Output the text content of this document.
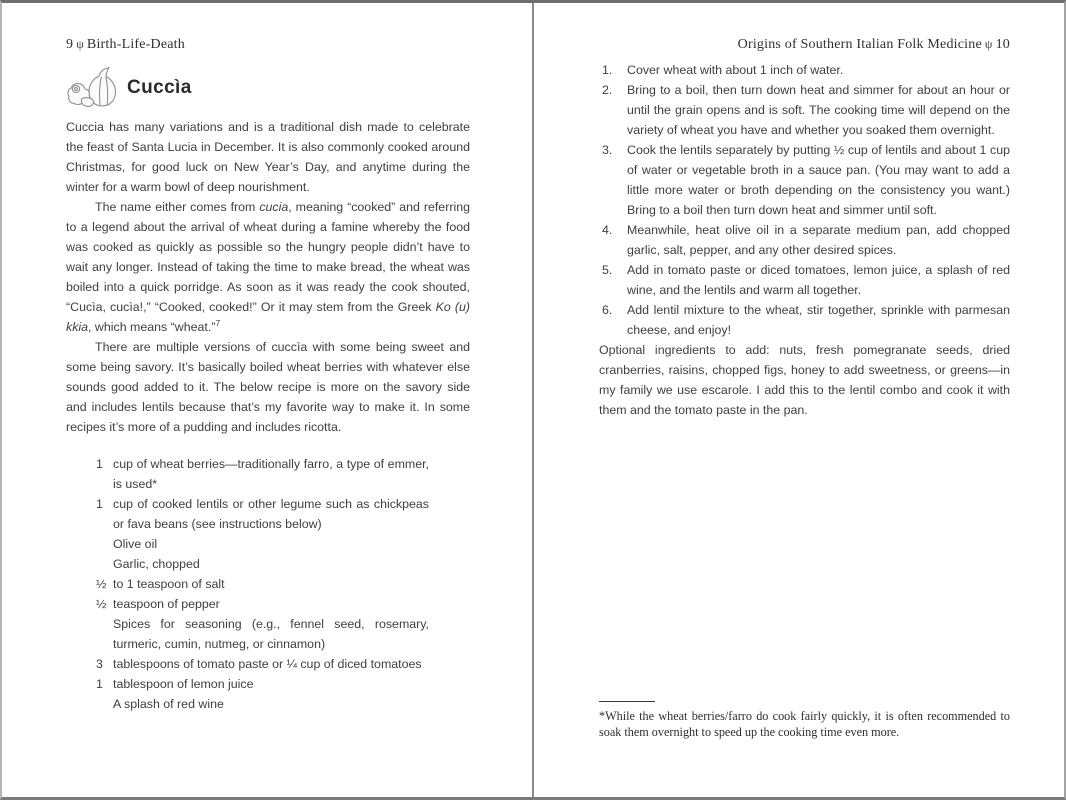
9 ψ Birth-Life-Death
Cuccìa

Cuccia has many variations and is a traditional dish made to celebrate the feast of Santa Lucia in December. It is also commonly cooked around Christmas, for good luck on New Year’s Day, and anytime during the winter for a warm bowl of deep nourishment.

The name either comes from cucia, meaning “cooked” and referring to a legend about the arrival of wheat during a famine whereby the food was cooked as quickly as possible so the hungry people didn’t have to wait any longer. Instead of taking the time to make bread, the wheat was boiled into a quick porridge. As soon as it was ready the cook shouted, “Cucìa, cucìa!,” “Cooked, cooked!” Or it may stem from the Greek Ko (u) kkia, which means “wheat.”$^7$

There are multiple versions of cuccìa with some being sweet and some being savory. It’s basically boiled wheat berries with whatever else sounds good added to it. The below recipe is more on the savory side and includes lentils because that’s my favorite way to make it. In some recipes it’s more of a pudding and includes ricotta.

1 cup of wheat berries—traditionally farro, a type of emmer, is used*
1 cup of cooked lentils or other legume such as chickpeas or fava beans (see instructions below)
Olive oil
Garlic, chopped
½ to 1 teaspoon of salt
½ teaspoon of pepper
Spices for seasoning (e.g., fennel seed, rosemary, turmeric, cumin, nutmeg, or cinnamon)
3 tablespoons of tomato paste or ¼ cup of diced tomatoes
1 tablespoon of lemon juice
A splash of red wine
Origins of Southern Italian Folk Medicine ψ 10
1.	Cover wheat with about 1 inch of water.
2.	Bring to a boil, then turn down heat and simmer for about an hour or until the grain opens and is soft. The cooking time will depend on the variety of wheat you have and whether you soaked them overnight.
3.	Cook the lentils separately by putting ½ cup of lentils and about 1 cup of water or vegetable broth in a sauce pan. (You may want to add a little more water or broth depending on the consistency you want.) Bring to a boil then turn down heat and simmer until soft.
4.	Meanwhile, heat olive oil in a separate medium pan, add chopped garlic, salt, pepper, and any other desired spices.
5.	Add in tomato paste or diced tomatoes, lemon juice, a splash of red wine, and the lentils and warm all together.
6.	Add lentil mixture to the wheat, stir together, sprinkle with parmesan cheese, and enjoy!

Optional ingredients to add: nuts, fresh pomegranate seeds, dried cranberries, raisins, chopped figs, honey to add sweetness, or greens—in my family we use escarole. I add this to the lentil combo and cook it with them and the tomato paste in the pan.

*While the wheat berries/farro do cook fairly quickly, it is often recommended to soak them overnight to speed up the cooking time even more.
